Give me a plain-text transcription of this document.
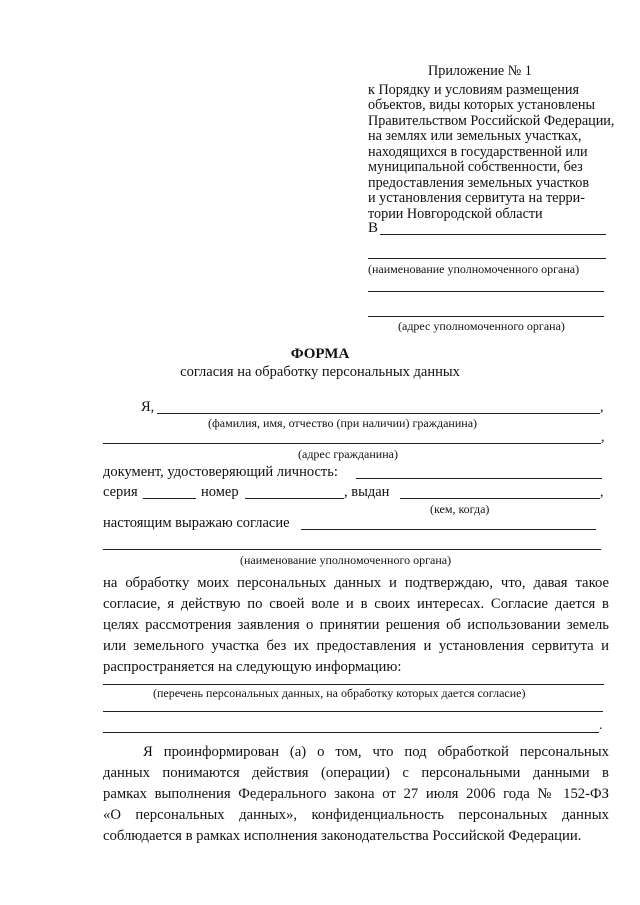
Приложение № 1
к Порядку и условиям размещения
объектов, виды которых установлены
Правительством Российской Федерации,
на землях или земельных участках,
находящихся в государственной или
муниципальной собственности, без
предоставления земельных участков
и установления сервитута на терри-
тории Новгородской области
В
(наименование уполномоченного органа)
(адрес уполномоченного органа)
ФОРМА
согласия на обработку персональных данных
Я,	,
(фамилия, имя, отчество (при наличии) гражданина)
,
(адрес гражданина)
документ, удостоверяющий личность:
серия	номер	, выдан	,
(кем, когда)
настоящим выражаю согласие
(наименование уполномоченного органа)
на обработку моих персональных данных и подтверждаю, что, давая такое
согласие, я действую по своей воле и в своих интересах. Согласие дается в
целях рассмотрения заявления о принятии решения об использовании земель
или земельного участка без их предоставления и установления сервитута и
распространяется на следующую информацию:
(перечень персональных данных, на обработку которых дается согласие)
.
Я проинформирован (а) о том, что под обработкой персональных
данных понимаются действия (операции) с персональными данными в
рамках выполнения Федерального закона от 27 июля 2006 года № 152-ФЗ
«О персональных данных», конфиденциальность персональных данных
соблюдается в рамках исполнения законодательства Российской Федерации.
